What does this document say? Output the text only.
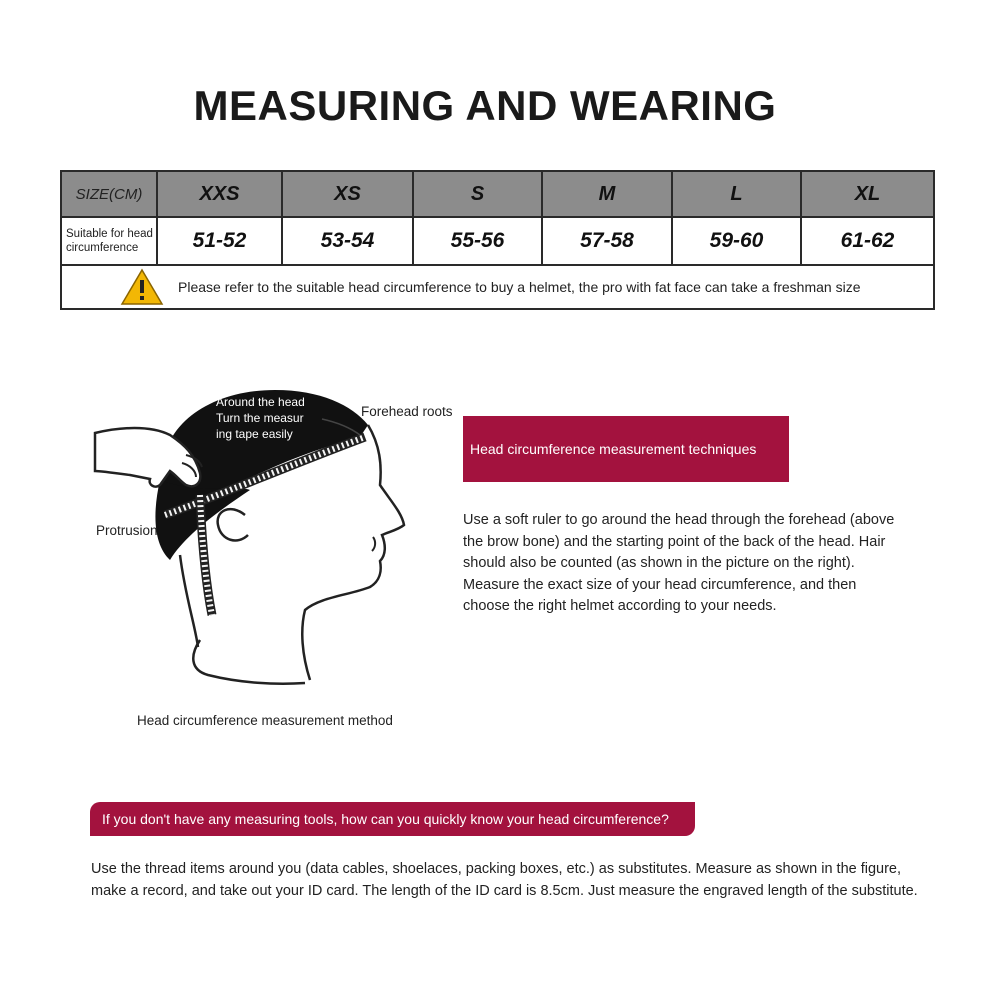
MEASURING AND WEARING
SIZE(CM)	XXS	XS	S	M	L	XL
Suitable for head circumference	51-52	53-54	55-56	57-58	59-60	61-62

Please refer to the suitable head circumference to buy a helmet, the pro with fat face can take a freshman size						
Around the head
Turn the measur
ing tape easily
Forehead roots
Protrusion
Head circumference measurement method
Head circumference measurement techniques
Use a soft ruler to go around the head through the forehead (above the brow bone) and the starting point of the back of the head. Hair should also be counted (as shown in the picture on the right). Measure the exact size of your head circumference, and then choose the right helmet according to your needs.
If you don't have any measuring tools, how can you quickly know your head circumference?
Use the thread items around you (data cables, shoelaces, packing boxes, etc.) as substitutes. Measure as shown in the figure, make a record, and take out your ID card. The length of the ID card is 8.5cm. Just measure the engraved length of the substitute.
